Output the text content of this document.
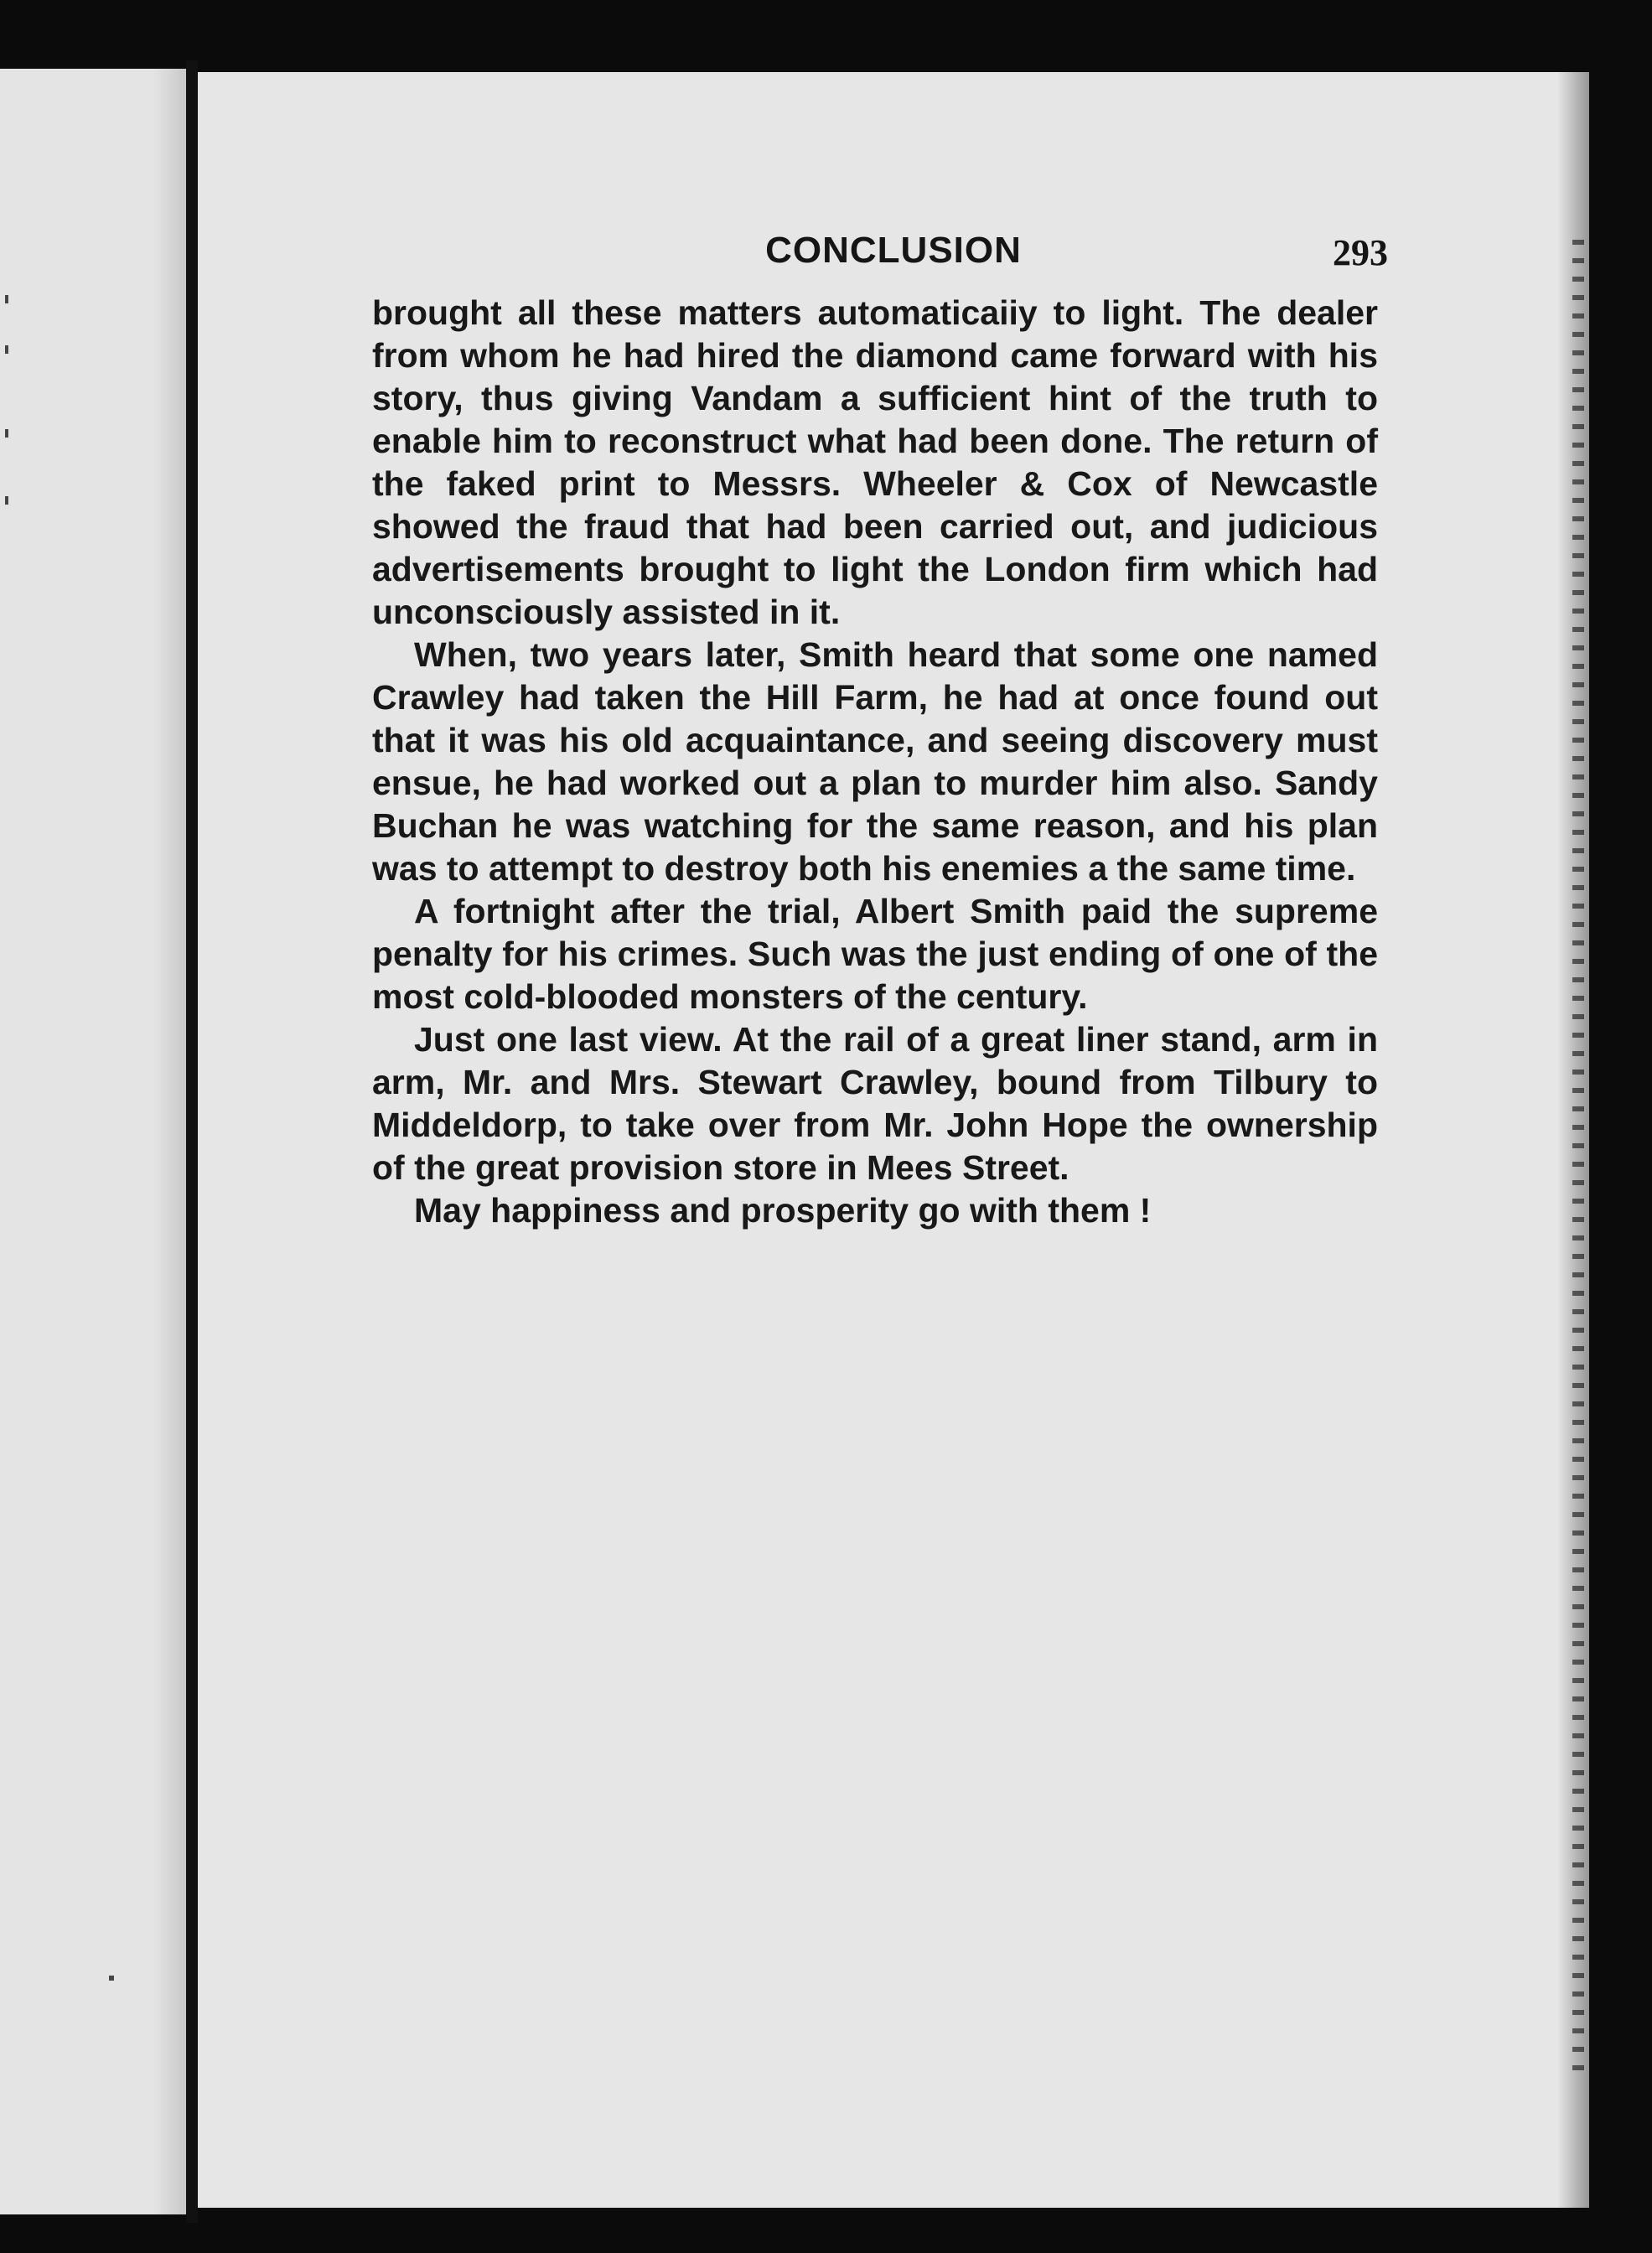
CONCLUSION	293

brought all these matters automaticaiiy to light. The dealer from whom he had hired the diamond came forward with his story, thus giving Vandam a sufficient hint of the truth to enable him to reconstruct what had been done. The return of the faked print to Messrs. Wheeler & Cox of Newcastle showed the fraud that had been carried out, and judicious advertisements brought to light the London firm which had unconsciously assisted in it.

When, two years later, Smith heard that some one named Crawley had taken the Hill Farm, he had at once found out that it was his old acquaintance, and seeing discovery must ensue, he had worked out a plan to murder him also. Sandy Buchan he was watching for the same reason, and his plan was to attempt to destroy both his enemies a the same time.

A fortnight after the trial, Albert Smith paid the supreme penalty for his crimes. Such was the just ending of one of the most cold-blooded monsters of the century.

Just one last view. At the rail of a great liner stand, arm in arm, Mr. and Mrs. Stewart Crawley, bound from Tilbury to Middeldorp, to take over from Mr. John Hope the ownership of the great provision store in Mees Street.

May happiness and prosperity go with them !
